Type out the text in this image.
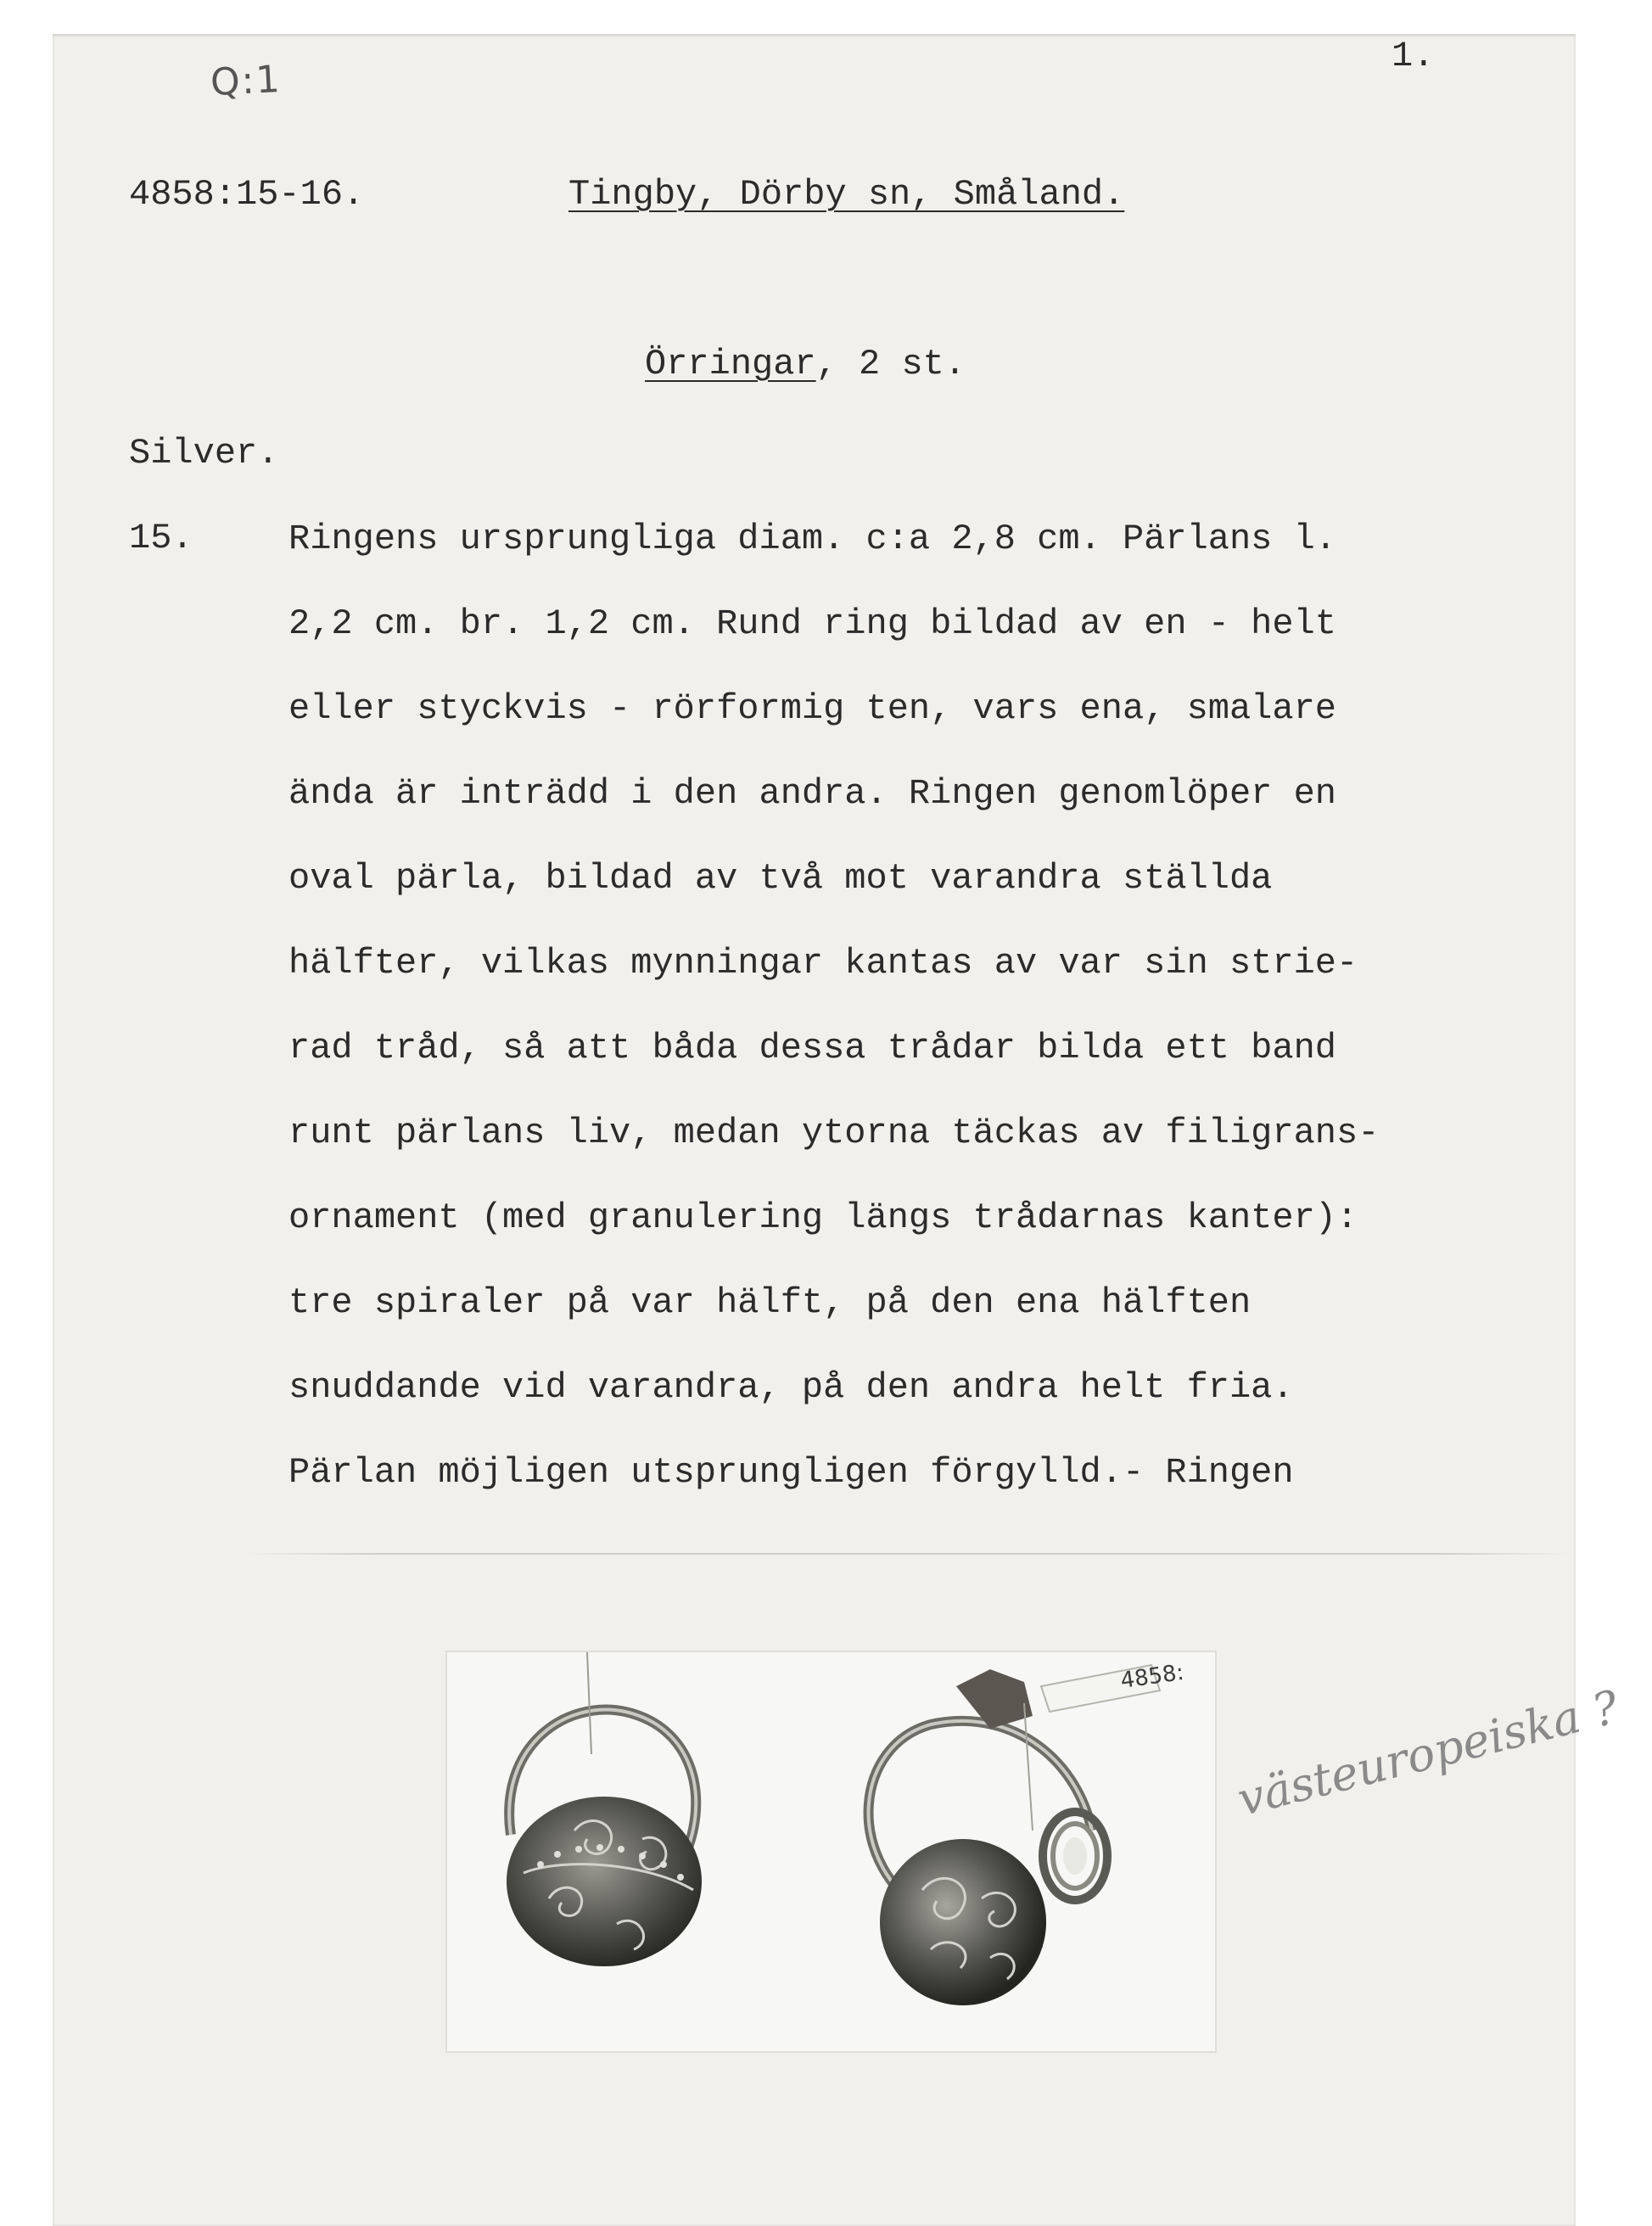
Q:1
1.
4858:15-16.	Tingby, Dörby sn, Småland.
Örringar, 2 st.
Silver.
15.	Ringens ursprungliga diam. c:a 2,8 cm. Pärlans l.
2,2 cm. br. 1,2 cm. Rund ring bildad av en - helt
eller styckvis - rörformig ten, vars ena, smalare
ända är inträdd i den andra. Ringen genomlöper en
oval pärla, bildad av två mot varandra ställda
hälfter, vilkas mynningar kantas av var sin strie-
rad tråd, så att båda dessa trådar bilda ett band
runt pärlans liv, medan ytorna täckas av filigrans-
ornament (med granulering längs trådarnas kanter):
tre spiraler på var hälft, på den ena hälften
snuddande vid varandra, på den andra helt fria.
Pärlan möjligen utsprungligen förgylld.- Ringen
4858:
västeuropeiska ?
